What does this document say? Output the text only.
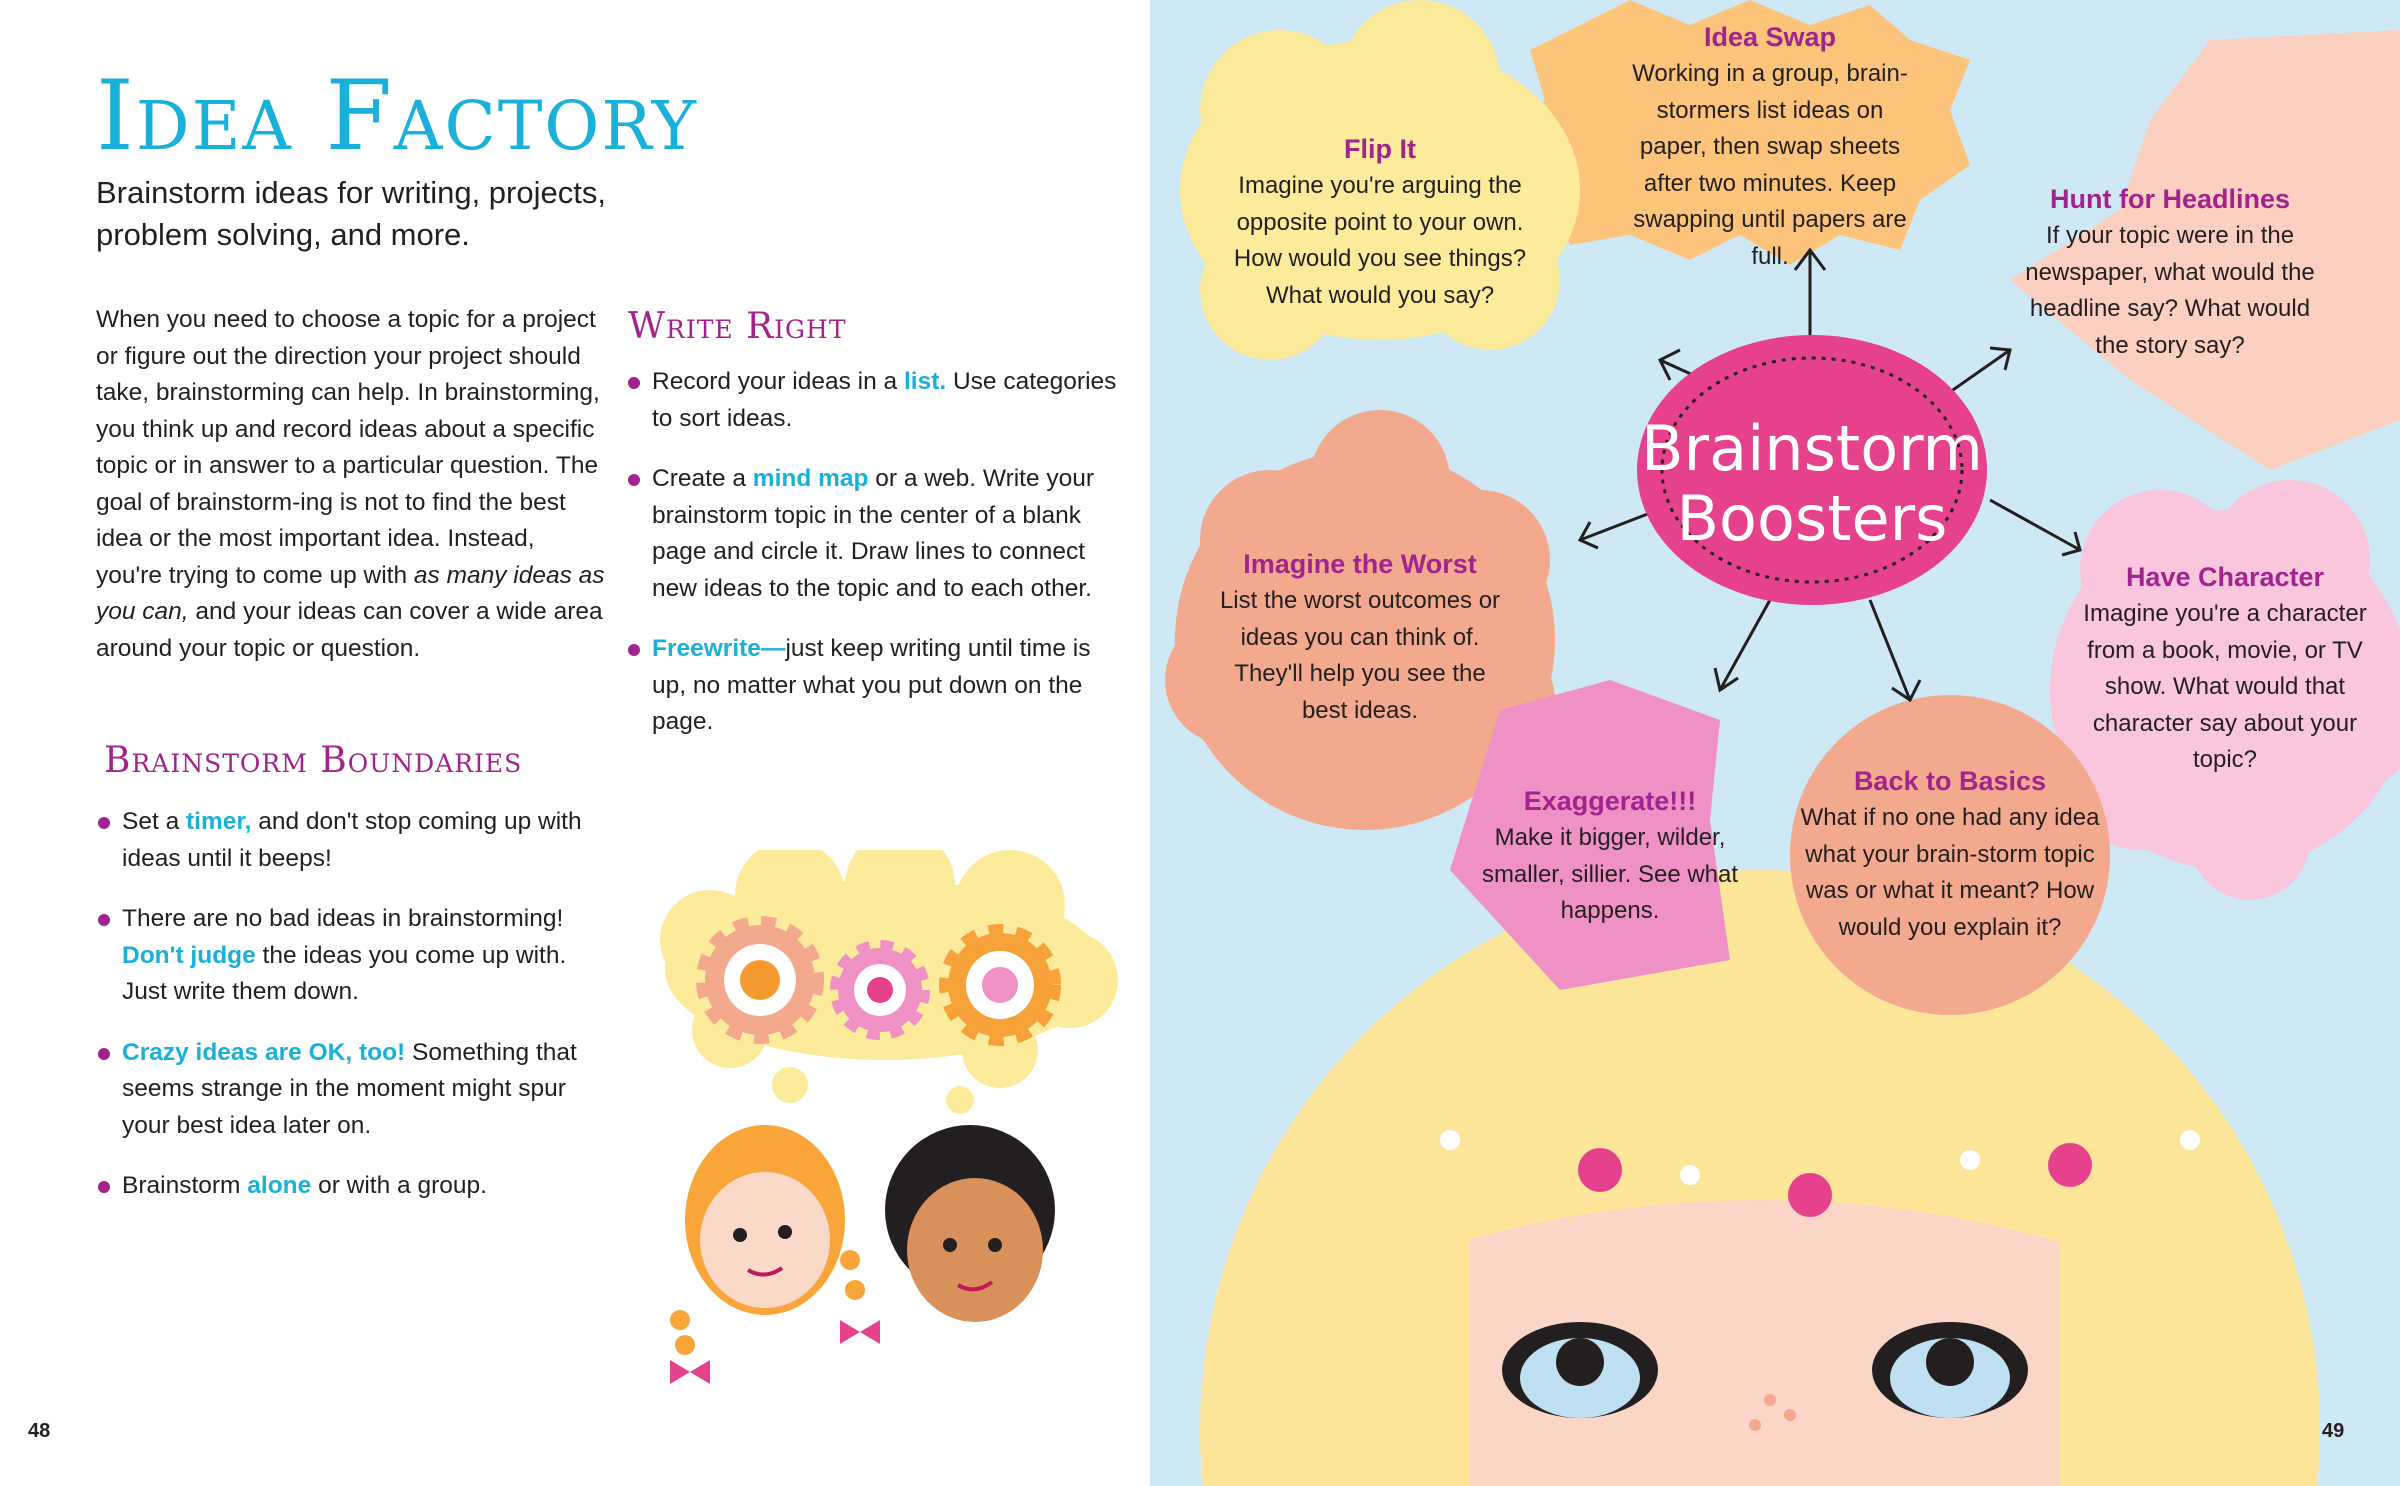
Idea Factory

Brainstorm ideas for writing, projects, problem solving, and more.

When you need to choose a topic for a project or figure out the direction your project should take, brainstorming can help. In brainstorming, you think up and record ideas about a specific topic or in answer to a particular question. The goal of brainstorm-ing is not to find the best idea or the most important idea. Instead, you're trying to come up with as many ideas as you can, and your ideas can cover a wide area around your topic or question.

Brainstorm Boundaries
Set a timer, and don't stop coming up with ideas until it beeps!
There are no bad ideas in brainstorming! Don't judge the ideas you come up with. Just write them down.
Crazy ideas are OK, too! Something that seems strange in the moment might spur your best idea later on.
Brainstorm alone or with a group.
Write Right
Record your ideas in a list. Use categories to sort ideas.
Create a mind map or a web. Write your brainstorm topic in the center of a blank page and circle it. Draw lines to connect new ideas to the topic and to each other.
Freewrite—just keep writing until time is up, no matter what you put down on the page.
48
Brainstorm
Boosters
Idea Swap
Working in a group, brain-stormers list ideas on paper, then swap sheets after two minutes. Keep swapping until papers are full.
Flip It
Imagine you're arguing the opposite point to your own. How would you see things? What would you say?
Hunt for Headlines
If your topic were in the newspaper, what would the headline say? What would the story say?
Imagine the Worst
List the worst outcomes or ideas you can think of. They'll help you see the best ideas.
Have Character
Imagine you're a character from a book, movie, or TV show. What would that character say about your topic?
Exaggerate!!!
Make it bigger, wilder, smaller, sillier. See what happens.
Back to Basics
What if no one had any idea what your brain-storm topic was or what it meant? How would you explain it?
49
